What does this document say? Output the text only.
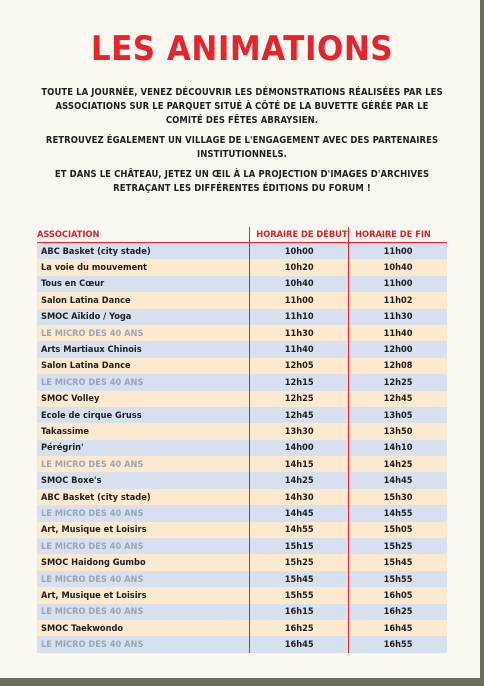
LES ANIMATIONS

TOUTE LA JOURNÉE, VENEZ DÉCOUVRIR LES DÉMONSTRATIONS RÉALISÉES PAR LES ASSOCIATIONS SUR LE PARQUET SITUÉ À CÔTÉ DE LA BUVETTE GÉRÉE PAR LE COMITÉ DES FÊTES ABRAYSIEN.

RETROUVEZ ÉGALEMENT UN VILLAGE DE L'ENGAGEMENT AVEC DES PARTENAIRES INSTITUTIONNELS.

ET DANS LE CHÂTEAU, JETEZ UN ŒIL À LA PROJECTION D'IMAGES D'ARCHIVES RETRAÇANT LES DIFFÉRENTES ÉDITIONS DU FORUM !

ASSOCIATION	HORAIRE DE DÉBUT	HORAIRE DE FIN
ABC Basket (city stade)	10h00	11h00
La voie du mouvement	10h20	10h40
Tous en Cœur	10h40	11h00
Salon Latina Dance	11h00	11h02
SMOC Aïkido / Yoga	11h10	11h30
LE MICRO DES 40 ANS	11h30	11h40
Arts Martiaux Chinois	11h40	12h00
Salon Latina Dance	12h05	12h08
LE MICRO DES 40 ANS	12h15	12h25
SMOC Volley	12h25	12h45
Ecole de cirque Gruss	12h45	13h05
Takassime	13h30	13h50
Pérégrin'	14h00	14h10
LE MICRO DES 40 ANS	14h15	14h25
SMOC Boxe's	14h25	14h45
ABC Basket (city stade)	14h30	15h30
LE MICRO DES 40 ANS	14h45	14h55
Art, Musique et Loisirs	14h55	15h05
LE MICRO DES 40 ANS	15h15	15h25
SMOC Haidong Gumbo	15h25	15h45
LE MICRO DES 40 ANS	15h45	15h55
Art, Musique et Loisirs	15h55	16h05
LE MICRO DES 40 ANS	16h15	16h25
SMOC Taekwondo	16h25	16h45
LE MICRO DES 40 ANS	16h45	16h55
